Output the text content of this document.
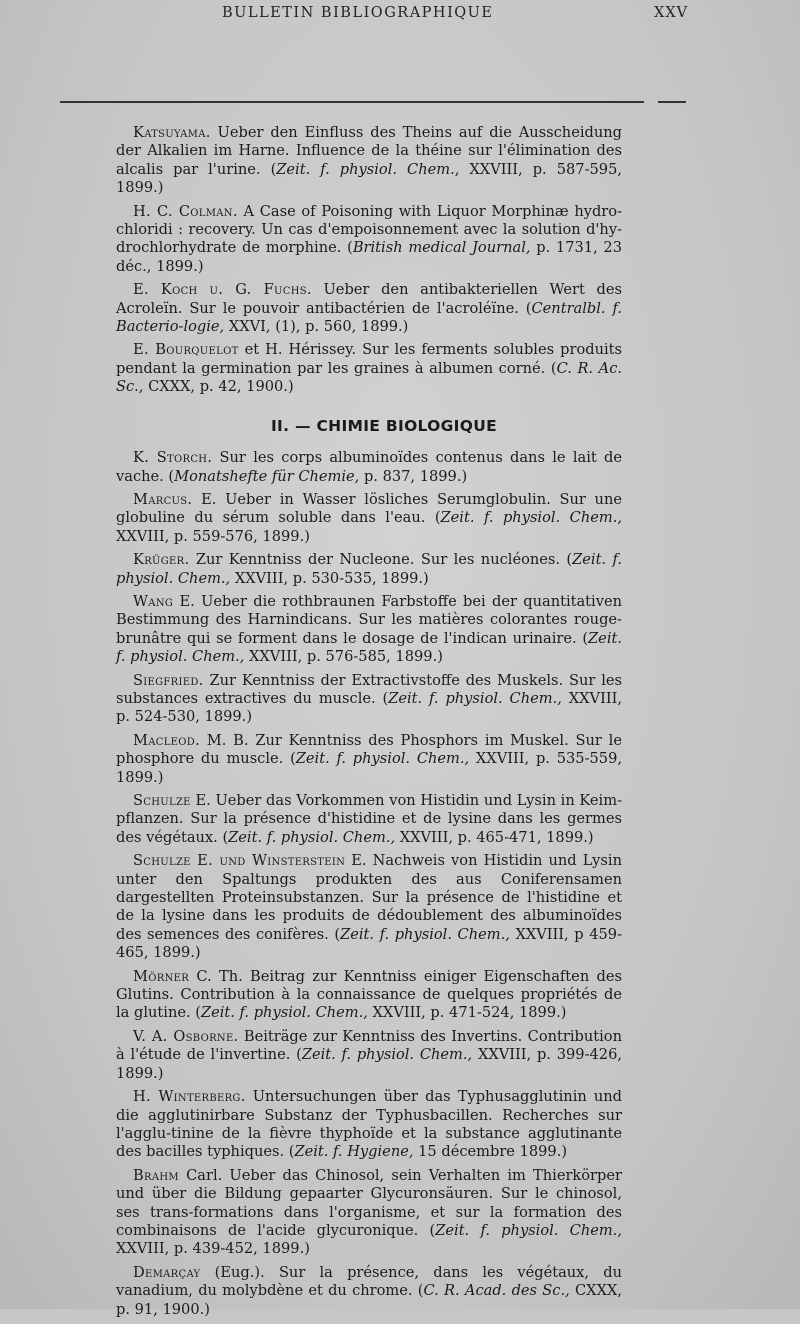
BULLETIN BIBLIOGRAPHIQUE	XXV

Katsuyama. Ueber den Einfluss des Theins auf die Ausscheidung der Alkalien im Harne. Influence de la théine sur l'élimination des alcalis par l'urine. (Zeit. f. physiol. Chem., XXVIII, p. 587-595, 1899.)

H. C. Colman. A Case of Poisoning with Liquor Morphinæ hydro-chloridi : recovery. Un cas d'empoisonnement avec la solution d'hy-drochlorhydrate de morphine. (British medical Journal, p. 1731, 23 déc., 1899.)

E. Koch u. G. Fuchs. Ueber den antibakteriellen Wert des Acroleïn. Sur le pouvoir antibactérien de l'acroléïne. (Centralbl. f. Bacterio-logie, XXVI, (1), p. 560, 1899.)

E. Bourquelot et H. Hérissey. Sur les ferments solubles produits pendant la germination par les graines à albumen corné. (C. R. Ac. Sc., CXXX, p. 42, 1900.)

II. — CHIMIE BIOLOGIQUE

K. Storch. Sur les corps albuminoïdes contenus dans le lait de vache. (Monatshefte für Chemie, p. 837, 1899.)

Marcus. E. Ueber in Wasser lösliches Serumglobulin. Sur une globuline du sérum soluble dans l'eau. (Zeit. f. physiol. Chem., XXVIII, p. 559-576, 1899.)

Krüger. Zur Kenntniss der Nucleone. Sur les nucléones. (Zeit. f. physiol. Chem., XXVIII, p. 530-535, 1899.)

Wang E. Ueber die rothbraunen Farbstoffe bei der quantitativen Bestimmung des Harnindicans. Sur les matières colorantes rouge-brunâtre qui se forment dans le dosage de l'indican urinaire. (Zeit. f. physiol. Chem., XXVIII, p. 576-585, 1899.)

Siegfried. Zur Kenntniss der Extractivstoffe des Muskels. Sur les substances extractives du muscle. (Zeit. f. physiol. Chem., XXVIII, p. 524-530, 1899.)

Macleod. M. B. Zur Kenntniss des Phosphors im Muskel. Sur le phosphore du muscle. (Zeit. f. physiol. Chem., XXVIII, p. 535-559, 1899.)

Schulze E. Ueber das Vorkommen von Histidin und Lysin in Keim-pflanzen. Sur la présence d'histidine et de lysine dans les germes des végétaux. (Zeit. f. physiol. Chem., XXVIII, p. 465-471, 1899.)

Schulze E. und Winsterstein E. Nachweis von Histidin und Lysin unter den Spaltungs produkten des aus Coniferensamen dargestellten Proteinsubstanzen. Sur la présence de l'histidine et de la lysine dans les produits de dédoublement des albuminoïdes des semences des conifères. (Zeit. f. physiol. Chem., XXVIII, p 459-465, 1899.)

Mörner C. Th. Beitrag zur Kenntniss einiger Eigenschaften des Glutins. Contribution à la connaissance de quelques propriétés de la glutine. (Zeit. f. physiol. Chem., XXVIII, p. 471-524, 1899.)

V. A. Osborne. Beiträge zur Kenntniss des Invertins. Contribution à l'étude de l'invertine. (Zeit. f. physiol. Chem., XXVIII, p. 399-426, 1899.)

H. Winterberg. Untersuchungen über das Typhusagglutinin und die agglutinirbare Substanz der Typhusbacillen. Recherches sur l'agglu-tinine de la fièvre thyphoïde et la substance agglutinante des bacilles typhiques. (Zeit. f. Hygiene, 15 décembre 1899.)

Brahm Carl. Ueber das Chinosol, sein Verhalten im Thierkörper und über die Bildung gepaarter Glycuronsäuren. Sur le chinosol, ses trans-formations dans l'organisme, et sur la formation des combinaisons de l'acide glycuronique. (Zeit. f. physiol. Chem., XXVIII, p. 439-452, 1899.)

Demarçay (Eug.). Sur la présence, dans les végétaux, du vanadium, du molybdène et du chrome. (C. R. Acad. des Sc., CXXX, p. 91, 1900.)
